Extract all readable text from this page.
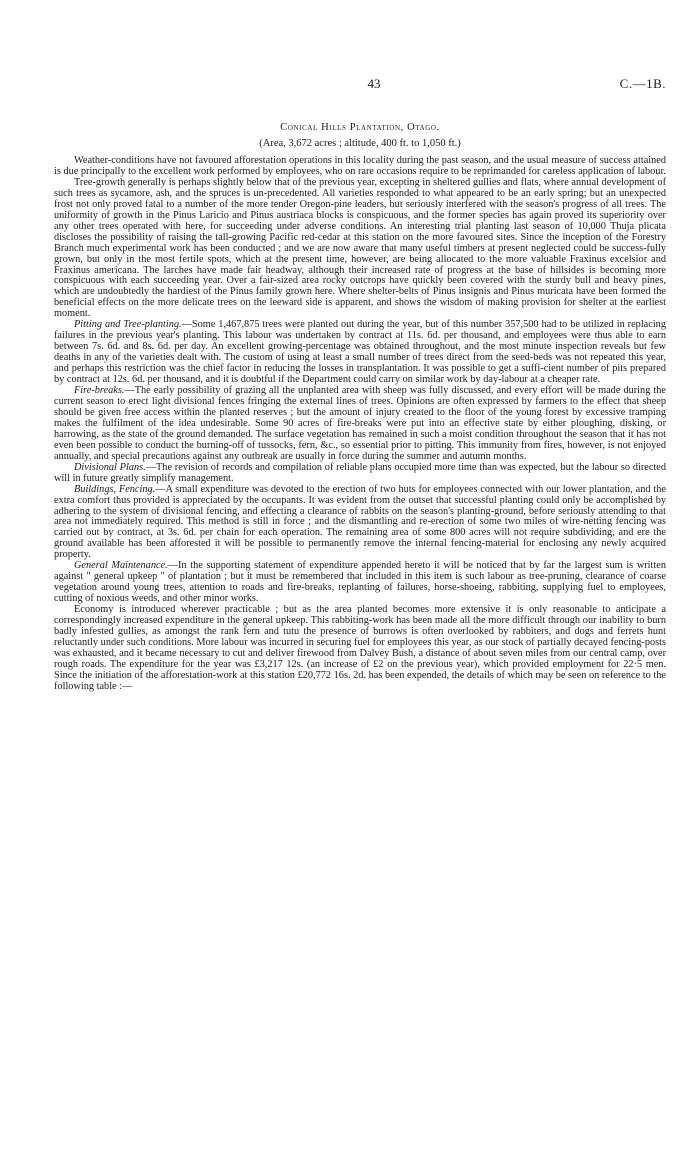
43	C.—1B.
Conical Hills Plantation, Otago.
(Area, 3,672 acres ; altitude, 400 ft. to 1,050 ft.)

Weather-conditions have not favoured afforestation operations in this locality during the past season, and the usual measure of success attained is due principally to the excellent work performed by employees, who on rare occasions require to be reprimanded for careless application of labour.

Tree-growth generally is perhaps slightly below that of the previous year, excepting in sheltered gullies and flats, where annual development of such trees as sycamore, ash, and the spruces is un-precedented. All varieties responded to what appeared to be an early spring; but an unexpected frost not only proved fatal to a number of the more tender Oregon-pine leaders, but seriously interfered with the season's progress of all trees. The uniformity of growth in the Pinus Laricio and Pinus austriaca blocks is conspicuous, and the former species has again proved its superiority over any other trees operated with here, for succeeding under adverse conditions. An interesting trial planting last season of 10,000 Thuja plicata discloses the possibility of raising the tall-growing Pacific red-cedar at this station on the more favoured sites. Since the inception of the Forestry Branch much experimental work has been conducted ; and we are now aware that many useful timbers at present neglected could be success-fully grown, but only in the most fertile spots, which at the present time, however, are being allocated to the more valuable Fraxinus excelsior and Fraxinus americana. The larches have made fair headway, although their increased rate of progress at the base of hillsides is becoming more conspicuous with each succeeding year. Over a fair-sized area rocky outcrops have quickly been covered with the sturdy bull and heavy pines, which are undoubtedly the hardiest of the Pinus family grown here. Where shelter-belts of Pinus insignis and Pinus muricata have been formed the beneficial effects on the more delicate trees on the leeward side is apparent, and shows the wisdom of making provision for shelter at the earliest moment.

Pitting and Tree-planting.—Some 1,467,875 trees were planted out during the year, but of this number 357,500 had to be utilized in replacing failures in the previous year's planting. This labour was undertaken by contract at 11s. 6d. per thousand, and employees were thus able to earn between 7s. 6d. and 8s. 6d. per day. An excellent growing-percentage was obtained throughout, and the most minute inspection reveals but few deaths in any of the varieties dealt with. The custom of using at least a small number of trees direct from the seed-beds was not repeated this year, and perhaps this restriction was the chief factor in reducing the losses in transplantation. It was possible to get a suffi-cient number of pits prepared by contract at 12s. 6d. per thousand, and it is doubtful if the Department could carry on similar work by day-labour at a cheaper rate.

Fire-breaks.—The early possibility of grazing all the unplanted area with sheep was fully discussed, and every effort will be made during the current season to erect light divisional fences fringing the external lines of trees. Opinions are often expressed by farmers to the effect that sheep should be given free access within the planted reserves ; but the amount of injury created to the floor of the young forest by excessive tramping makes the fulfilment of the idea undesirable. Some 90 acres of fire-breaks were put into an effective state by either ploughing, disking, or harrowing, as the state of the ground demanded. The surface vegetation has remained in such a moist condition throughout the season that it has not even been possible to conduct the burning-off of tussocks, fern, &c., so essential prior to pitting. This immunity from fires, however, is not enjoyed annually, and special precautions against any outbreak are usually in force during the summer and autumn months.

Divisional Plans.—The revision of records and compilation of reliable plans occupied more time than was expected, but the labour so directed will in future greatly simplify management.

Buildings, Fencing.—A small expenditure was devoted to the erection of two huts for employees connected with our lower plantation, and the extra comfort thus provided is appreciated by the occupants. It was evident from the outset that successful planting could only be accomplished by adhering to the system of divisional fencing, and effecting a clearance of rabbits on the season's planting-ground, before seriously attending to that area not immediately required. This method is still in force ; and the dismantling and re-erection of some two miles of wire-netting fencing was carried out by contract, at 3s. 6d. per chain for each operation. The remaining area of some 800 acres will not require subdividing, and ere the ground available has been afforested it will be possible to permanently remove the internal fencing-material for enclosing any newly acquired property.

General Maintenance.—In the supporting statement of expenditure appended hereto it will be noticed that by far the largest sum is written against " general upkeep " of plantation ; but it must be remembered that included in this item is such labour as tree-pruning, clearance of coarse vegetation around young trees, attention to roads and fire-breaks, replanting of failures, horse-shoeing, rabbiting, supplying fuel to employees, cutting of noxious weeds, and other minor works.

Economy is introduced wherever practicable ; but as the area planted becomes more extensive it is only reasonable to anticipate a correspondingly increased expenditure in the general upkeep. This rabbiting-work has been made all the more difficult through our inability to burn badly infested gullies, as amongst the rank fern and tutu the presence of burrows is often overlooked by rabbiters, and dogs and ferrets hunt reluctantly under such conditions. More labour was incurred in securing fuel for employees this year, as our stock of partially decayed fencing-posts was exhausted, and it became necessary to cut and deliver firewood from Dalvey Bush, a distance of about seven miles from our central camp, over rough roads. The expenditure for the year was £3,217 12s. (an increase of £2 on the previous year), which provided employment for 22·5 men. Since the initiation of the afforestation-work at this station £20,772 16s. 2d. has been expended, the details of which may be seen on reference to the following table :—
